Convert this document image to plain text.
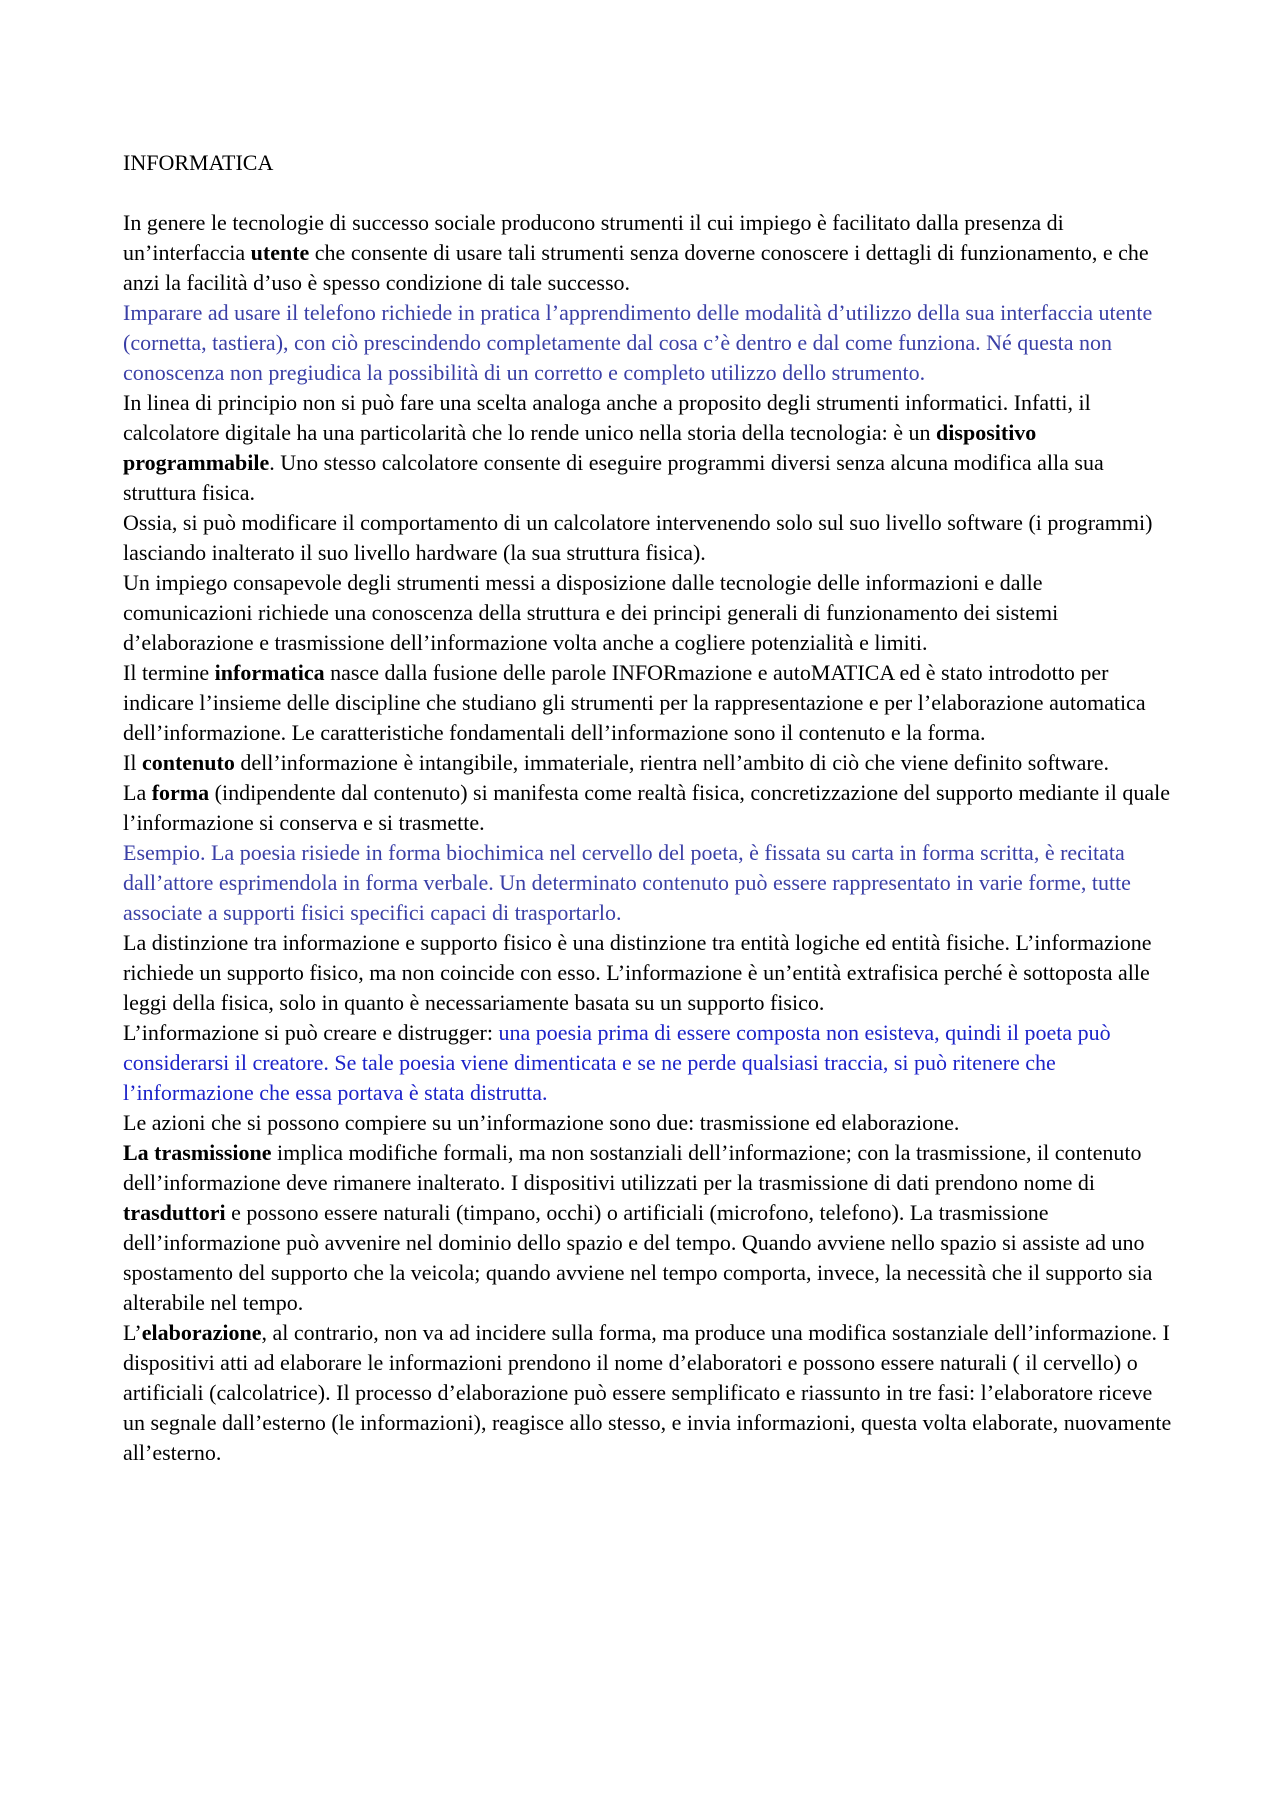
INFORMATICA

In genere le tecnologie di successo sociale producono strumenti il cui impiego è facilitato dalla presenza di un’interfaccia utente che consente di usare tali strumenti senza doverne conoscere i dettagli di funzionamento, e che anzi la facilità d’uso è spesso condizione di tale successo.

Imparare ad usare il telefono richiede in pratica l’apprendimento delle modalità d’utilizzo della sua interfaccia utente (cornetta, tastiera), con ciò prescindendo completamente dal cosa c’è dentro e dal come funziona. Né questa non conoscenza non pregiudica la possibilità di un corretto e completo utilizzo dello strumento.

In linea di principio non si può fare una scelta analoga anche a proposito degli strumenti informatici. Infatti, il calcolatore digitale ha una particolarità che lo rende unico nella storia della tecnologia: è un dispositivo programmabile. Uno stesso calcolatore consente di eseguire programmi diversi senza alcuna modifica alla sua struttura fisica.

Ossia, si può modificare il comportamento di un calcolatore intervenendo solo sul suo livello software (i programmi) lasciando inalterato il suo livello hardware (la sua struttura fisica).

Un impiego consapevole degli strumenti messi a disposizione dalle tecnologie delle informazioni e dalle comunicazioni richiede una conoscenza della struttura e dei principi generali di funzionamento dei sistemi d’elaborazione e trasmissione dell’informazione volta anche a cogliere potenzialità e limiti.

Il termine informatica nasce dalla fusione delle parole INFORmazione e autoMATICA ed è stato introdotto per indicare l’insieme delle discipline che studiano gli strumenti per la rappresentazione e per l’elaborazione automatica dell’informazione. Le caratteristiche fondamentali dell’informazione sono il contenuto e la forma.

Il contenuto dell’informazione è intangibile, immateriale, rientra nell’ambito di ciò che viene definito software.

La forma (indipendente dal contenuto) si manifesta come realtà fisica, concretizzazione del supporto mediante il quale l’informazione si conserva e si trasmette.

Esempio. La poesia risiede in forma biochimica nel cervello del poeta, è fissata su carta in forma scritta, è recitata dall’attore esprimendola in forma verbale. Un determinato contenuto può essere rappresentato in varie forme, tutte associate a supporti fisici specifici capaci di trasportarlo.

La distinzione tra informazione e supporto fisico è una distinzione tra entità logiche ed entità fisiche. L’informazione richiede un supporto fisico, ma non coincide con esso. L’informazione è un’entità extrafisica perché è sottoposta alle leggi della fisica, solo in quanto è necessariamente basata su un supporto fisico.

L’informazione si può creare e distrugger: una poesia prima di essere composta non esisteva, quindi il poeta può considerarsi il creatore. Se tale poesia viene dimenticata e se ne perde qualsiasi traccia, si può ritenere che l’informazione che essa portava è stata distrutta.

Le azioni che si possono compiere su un’informazione sono due: trasmissione ed elaborazione.

La trasmissione implica modifiche formali, ma non sostanziali dell’informazione; con la trasmissione, il contenuto dell’informazione deve rimanere inalterato. I dispositivi utilizzati per la trasmissione di dati prendono nome di trasduttori e possono essere naturali (timpano, occhi) o artificiali (microfono, telefono). La trasmissione dell’informazione può avvenire nel dominio dello spazio e del tempo. Quando avviene nello spazio si assiste ad uno spostamento del supporto che la veicola; quando avviene nel tempo comporta, invece, la necessità che il supporto sia alterabile nel tempo.

L’elaborazione, al contrario, non va ad incidere sulla forma, ma produce una modifica sostanziale dell’informazione. I dispositivi atti ad elaborare le informazioni prendono il nome d’elaboratori e possono essere naturali ( il cervello) o artificiali (calcolatrice). Il processo d’elaborazione può essere semplificato e riassunto in tre fasi: l’elaboratore riceve un segnale dall’esterno (le informazioni), reagisce allo stesso, e invia informazioni, questa volta elaborate, nuovamente all’esterno.
